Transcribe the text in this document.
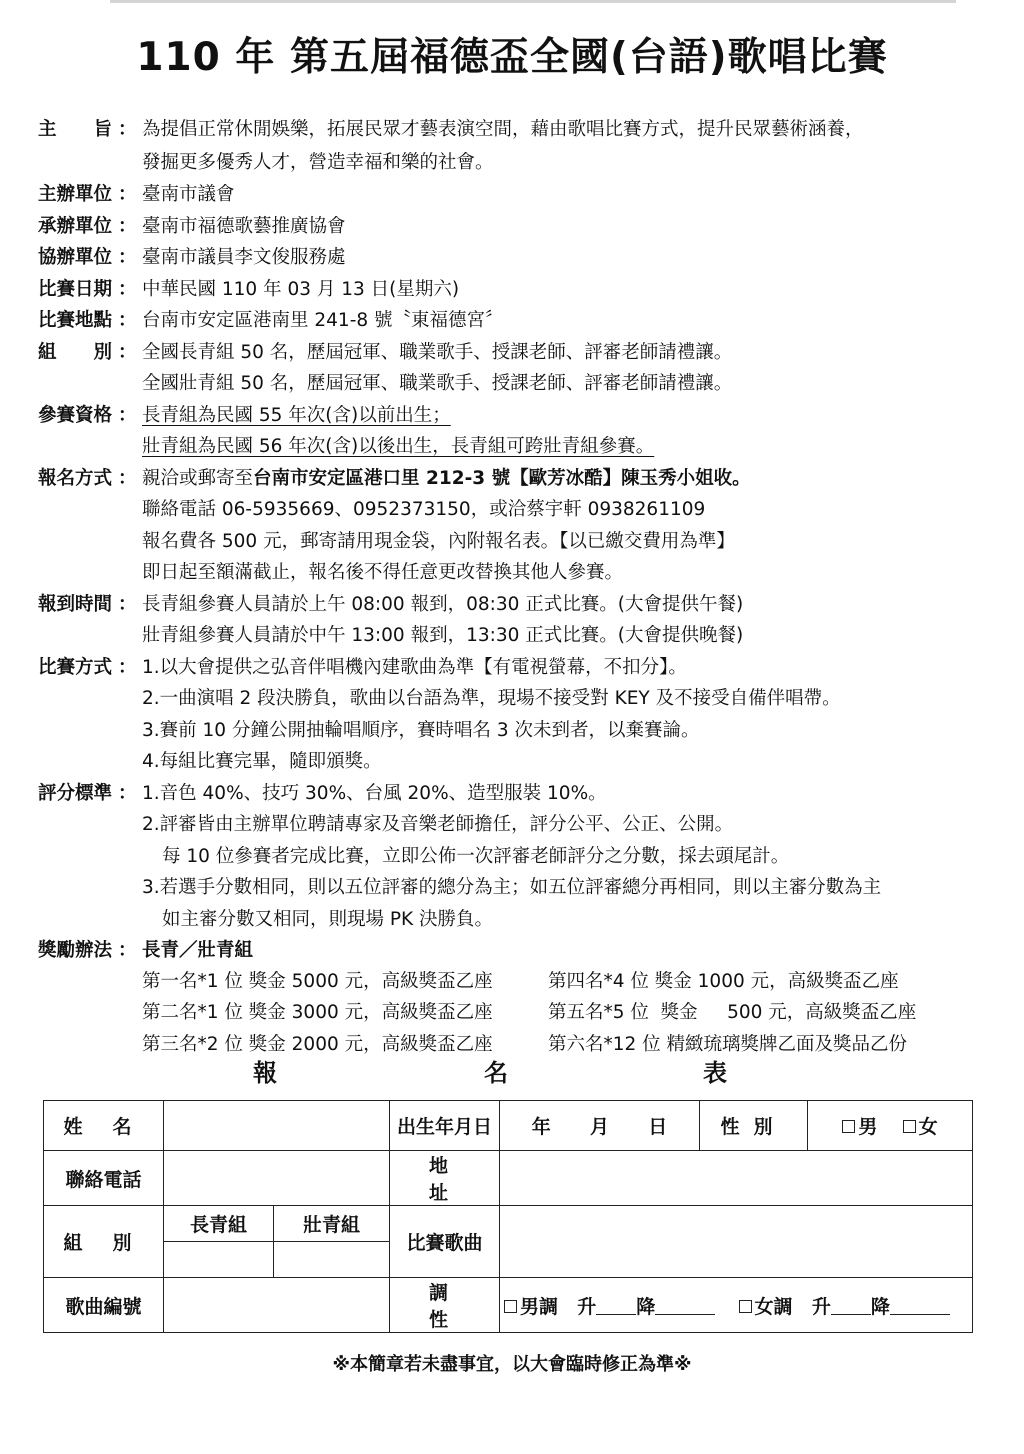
110 年 第五屆福德盃全國(台語)歌唱比賽
主　　旨 ： 為提倡正常休閒娛樂，拓展民眾才藝表演空間，藉由歌唱比賽方式，提升民眾藝術涵養，
發掘更多優秀人才，營造幸福和樂的社會。
主辦單位 ： 臺南市議會
承辦單位 ： 臺南市福德歌藝推廣協會
協辦單位 ： 臺南市議員李文俊服務處
比賽日期 ： 中華民國 110 年 03 月 13 日(星期六)
比賽地點 ： 台南市安定區港南里 241-8 號〝東福德宮〞
組　　別 ： 全國長青組 50 名，歷屆冠軍、職業歌手、授課老師、評審老師請禮讓。
全國壯青組 50 名，歷屆冠軍、職業歌手、授課老師、評審老師請禮讓。
參賽資格 ： 長青組為民國 55 年次(含)以前出生；
壯青組為民國 56 年次(含)以後出生，長青組可跨壯青組參賽。
報名方式 ： 親洽或郵寄至台南市安定區港口里 212-3 號【歐芳冰酷】陳玉秀小姐收。
聯絡電話 06-5935669、0952373150，或洽蔡宇軒 0938261109
報名費各 500 元，郵寄請用現金袋，內附報名表。【以已繳交費用為準】
即日起至額滿截止，報名後不得任意更改替換其他人參賽。
報到時間 ： 長青組參賽人員請於上午 08:00 報到，08:30 正式比賽。(大會提供午餐)
壯青組參賽人員請於中午 13:00 報到，13:30 正式比賽。(大會提供晚餐)
比賽方式 ： 1.以大會提供之弘音伴唱機內建歌曲為準【有電視螢幕，不扣分】。
2.一曲演唱 2 段決勝負，歌曲以台語為準，現場不接受對 KEY 及不接受自備伴唱帶。
3.賽前 10 分鐘公開抽輪唱順序，賽時唱名 3 次未到者，以棄賽論。
4.每組比賽完畢，隨即頒獎。
評分標準 ： 1.音色 40%、技巧 30%、台風 20%、造型服裝 10%。
2.評審皆由主辦單位聘請專家及音樂老師擔任，評分公平、公正、公開。
每 10 位參賽者完成比賽，立即公佈一次評審老師評分之分數，採去頭尾計。
3.若選手分數相同，則以五位評審的總分為主；如五位評審總分再相同，則以主審分數為主
如主審分數又相同，則現場 PK 決勝負。
獎勵辦法 ： 長青／壯青組
第一名*1 位 獎金 5000 元，高級獎盃乙座
第二名*1 位 獎金 3000 元，高級獎盃乙座
第三名*2 位 獎金 2000 元，高級獎盃乙座
第四名*4 位 獎金 1000 元，高級獎盃乙座
第五名*5 位  獎金     500 元，高級獎盃乙座
第六名*12 位 精緻琉璃獎牌乙面及獎品乙份
報	名	表
姓名			出生年月日	年 月 日	性別	男 女
聯絡電話			地址			
組別	長青組	壯青組	比賽歌曲			

歌曲編號			調性	男調 升 降 女調 升 降		
※本簡章若未盡事宜，以大會臨時修正為準※
